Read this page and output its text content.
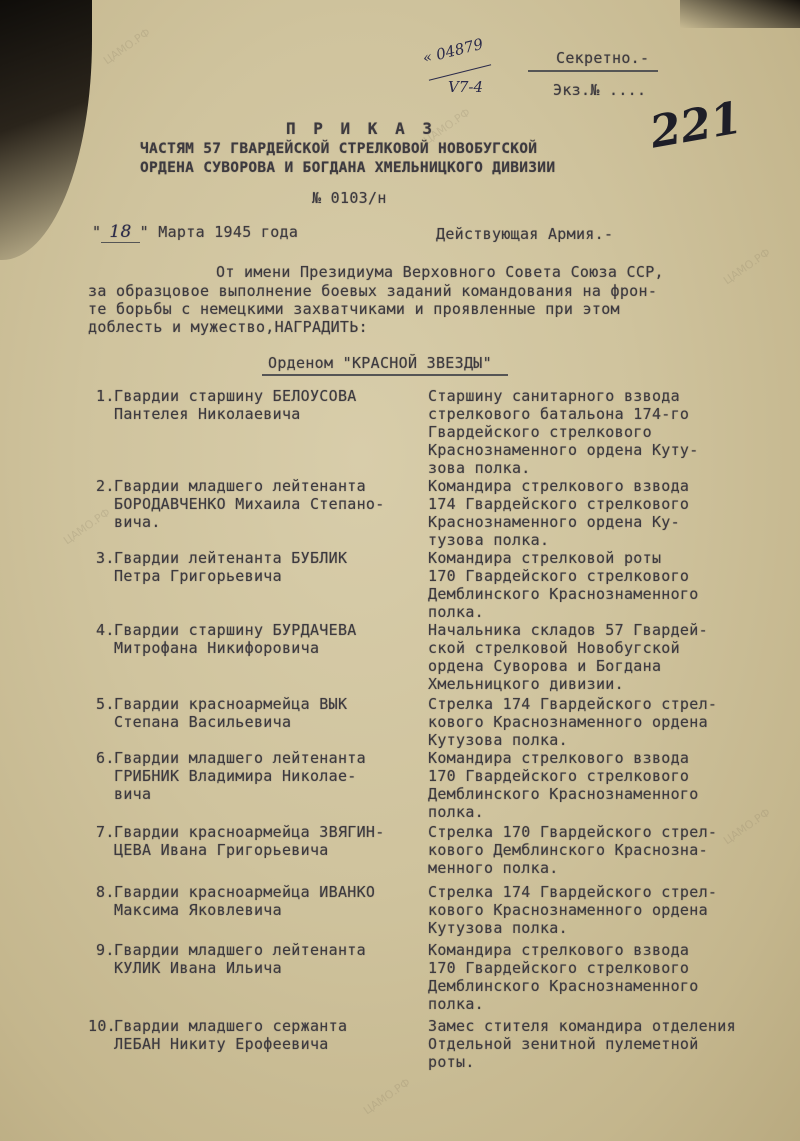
ЦАМО.РФ
ЦАМО.РФ
ЦАМО.РФ
ЦАМО.РФ
ЦАМО.РФ
ЦАМО.РФ
« 04879
V7-4
Секретно.-
Экз.№ ....
221
П Р И К А З
ЧАСТЯМ 57 ГВАРДЕЙСКОЙ СТРЕЛКОВОЙ НОВОБУГСКОЙ
ОРДЕНА СУВОРОВА И БОГДАНА ХМЕЛЬНИЦКОГО ДИВИЗИИ
№ 0103/н
" 18 " Марта 1945 года	Действующая Армия.-
От имени Президиума Верховного Совета Союза ССР,
за образцовое выполнение боевых заданий командования на фрон-
те борьбы с немецкими захватчиками и проявленные при этом
доблесть и мужество,НАГРАДИТЬ:
Орденом "КРАСНОЙ ЗВЕЗДЫ"
1. Гвардии старшину БЕЛОУСОВА
Пантелея Николаевича
Старшину санитарного взвода
стрелкового батальона 174-го
Гвардейского стрелкового
Краснознаменного ордена Куту-
зова полка.
2. Гвардии младшего лейтенанта
БОРОДАВЧЕНКО Михаила Степано-
вича.
Командира стрелкового взвода
174 Гвардейского стрелкового
Краснознаменного ордена Ку-
тузова полка.
3. Гвардии лейтенанта БУБЛИК
Петра Григорьевича
Командира стрелковой роты
170 Гвардейского стрелкового
Демблинского Краснознаменного
полка.
4. Гвардии старшину БУРДАЧЕВА
Митрофана Никифоровича
Начальника складов 57 Гвардей-
ской стрелковой Новобугской
ордена Суворова и Богдана
Хмельницкого дивизии.
5. Гвардии красноармейца ВЫК
Степана Васильевича
Стрелка 174 Гвардейского стрел-
кового Краснознаменного ордена
Кутузова полка.
6. Гвардии младшего лейтенанта
ГРИБНИК Владимира Николае-
вича
Командира стрелкового взвода
170 Гвардейского стрелкового
Демблинского Краснознаменного
полка.
7. Гвардии красноармейца ЗВЯГИН-
ЦЕВА Ивана Григорьевича
Стрелка 170 Гвардейского стрел-
кового Демблинского Краснозна-
менного полка.
8. Гвардии красноармейца ИВАНКО
Максима Яковлевича
Стрелка 174 Гвардейского стрел-
кового Краснознаменного ордена
Кутузова полка.
9. Гвардии младшего лейтенанта
КУЛИК Ивана Ильича
Командира стрелкового взвода
170 Гвардейского стрелкового
Демблинского Краснознаменного
полка.
10.
Гвардии младшего сержанта
ЛЕБАН Никиту Ерофеевича
Замес стителя командира отделения
Отдельной зенитной пулеметной
роты.
